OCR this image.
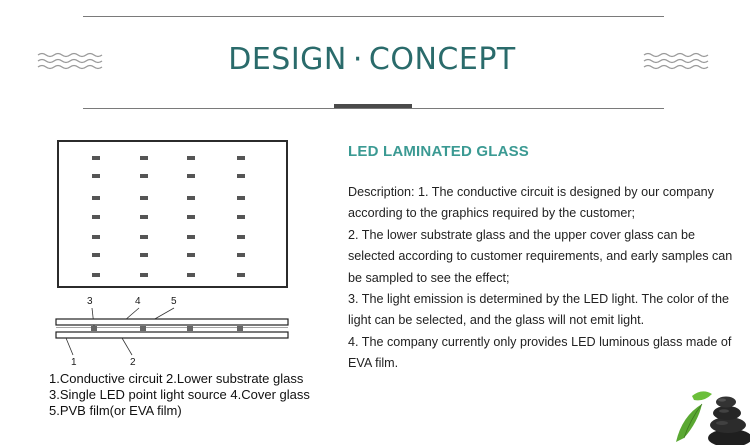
DESIGN · CONCEPT
3	4	5
1	2
1.Conductive circuit 2.Lower substrate glass
3.Single LED point light source 4.Cover glass
5.PVB film(or EVA film)
LED LAMINATED GLASS

Description: 1. The conductive circuit is designed by our company according to the graphics required by the customer;

2. The lower substrate glass and the upper cover glass can be selected according to customer requirements, and early samples can be sampled to see the effect;

3. The light emission is determined by the LED light. The color of the light can be selected, and the glass will not emit light.

4. The company currently only provides LED luminous glass made of EVA film.
